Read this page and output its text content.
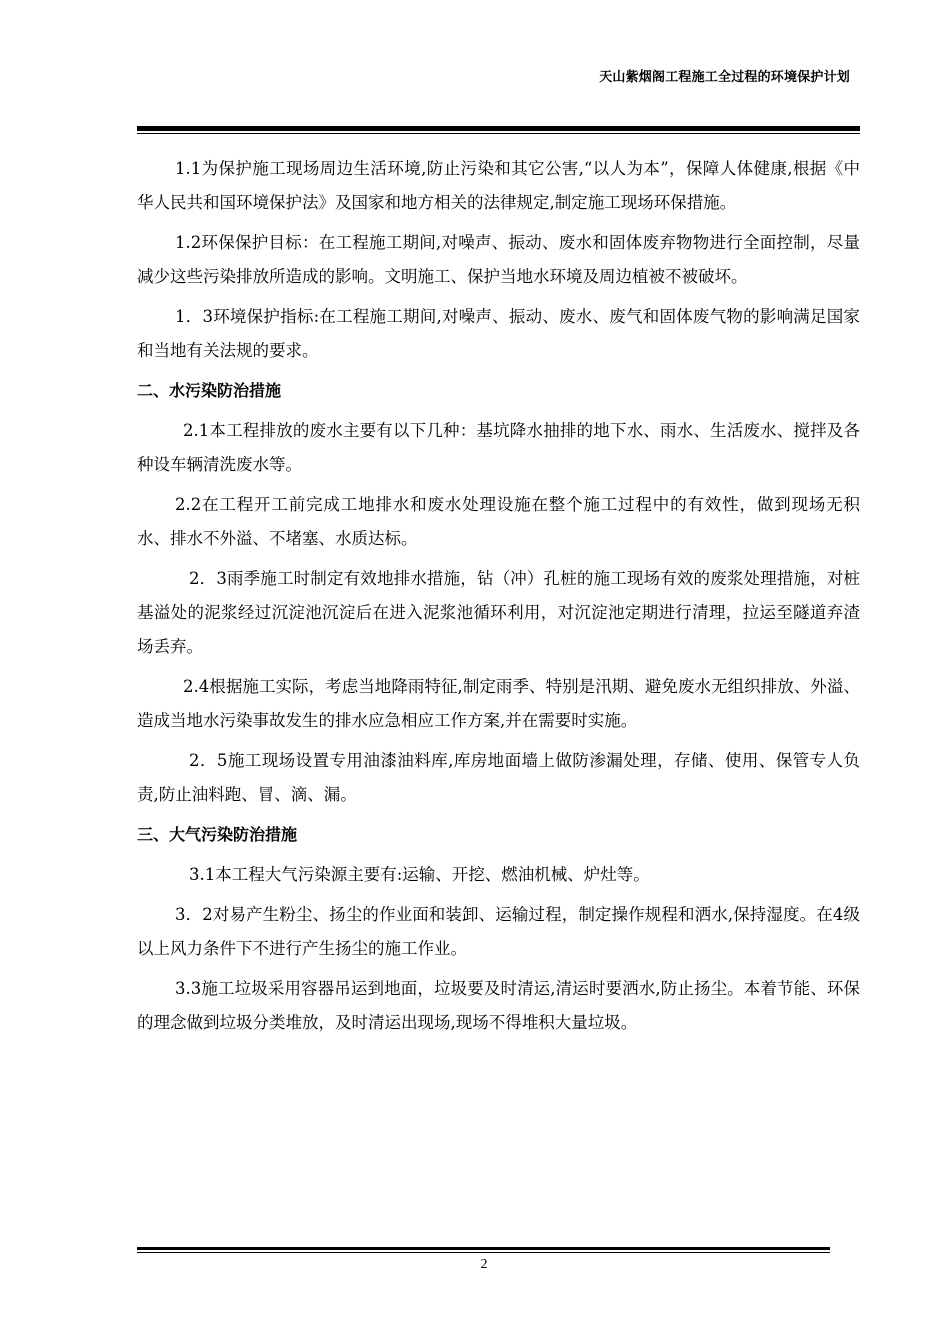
天山紫烟阁工程施工全过程的环境保护计划

1.1为保护施工现场周边生活环境,防止污染和其它公害,“以人为本”，保障人体健康,根据《中华人民共和国环境保护法》及国家和地方相关的法律规定,制定施工现场环保措施。

1.2环保保护目标：在工程施工期间,对噪声、振动、废水和固体废弃物物进行全面控制，尽量减少这些污染排放所造成的影响。文明施工、保护当地水环境及周边植被不被破坏。

1．3环境保护指标:在工程施工期间,对噪声、振动、废水、废气和固体废气物的影响满足国家和当地有关法规的要求。

二、水污染防治措施

2.1本工程排放的废水主要有以下几种：基坑降水抽排的地下水、雨水、生活废水、搅拌及各种设车辆清洗废水等。

2.2在工程开工前完成工地排水和废水处理设施在整个施工过程中的有效性，做到现场无积水、排水不外溢、不堵塞、水质达标。

2．3雨季施工时制定有效地排水措施，钻（冲）孔桩的施工现场有效的废浆处理措施，对桩基溢处的泥浆经过沉淀池沉淀后在进入泥浆池循环利用，对沉淀池定期进行清理，拉运至隧道弃渣场丢弃。

2.4根据施工实际，考虑当地降雨特征,制定雨季、特别是汛期、避免废水无组织排放、外溢、造成当地水污染事故发生的排水应急相应工作方案,并在需要时实施。

2．5施工现场设置专用油漆油料库,库房地面墙上做防渗漏处理，存储、使用、保管专人负责,防止油料跑、冒、滴、漏。

三、大气污染防治措施

3.1本工程大气污染源主要有:运输、开挖、燃油机械、炉灶等。

3．2对易产生粉尘、扬尘的作业面和装卸、运输过程，制定操作规程和洒水,保持湿度。在4级以上风力条件下不进行产生扬尘的施工作业。

3.3施工垃圾采用容器吊运到地面，垃圾要及时清运,清运时要洒水,防止扬尘。本着节能、环保的理念做到垃圾分类堆放，及时清运出现场,现场不得堆积大量垃圾。

2
